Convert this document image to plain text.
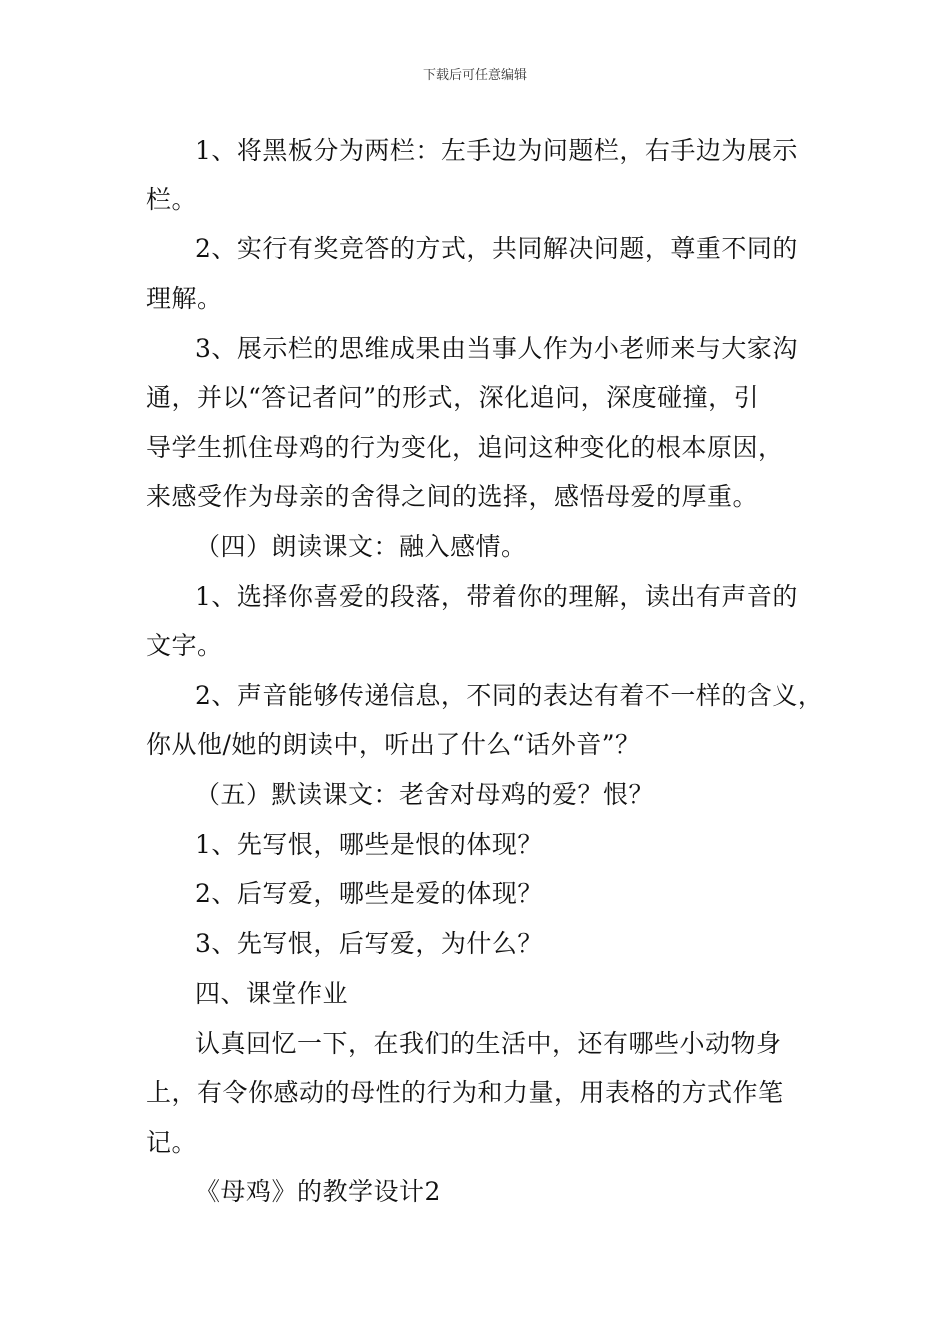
下载后可任意编辑
1、将黑板分为两栏：左手边为问题栏，右手边为展示
栏。
2、实行有奖竞答的方式，共同解决问题，尊重不同的
理解。
3、展示栏的思维成果由当事人作为小老师来与大家沟
通，并以“答记者问”的形式，深化追问，深度碰撞，引
导学生抓住母鸡的行为变化，追问这种变化的根本原因，
来感受作为母亲的舍得之间的选择，感悟母爱的厚重。
（四）朗读课文：融入感情。
1、选择你喜爱的段落，带着你的理解，读出有声音的
文字。
2、声音能够传递信息，不同的表达有着不一样的含义，
你从他/她的朗读中，听出了什么“话外音”？
（五）默读课文：老舍对母鸡的爱？恨？
1、先写恨，哪些是恨的体现？
2、后写爱，哪些是爱的体现？
3、先写恨，后写爱，为什么？
四、课堂作业
认真回忆一下，在我们的生活中，还有哪些小动物身
上，有令你感动的母性的行为和力量，用表格的方式作笔
记。
《母鸡》的教学设计2
